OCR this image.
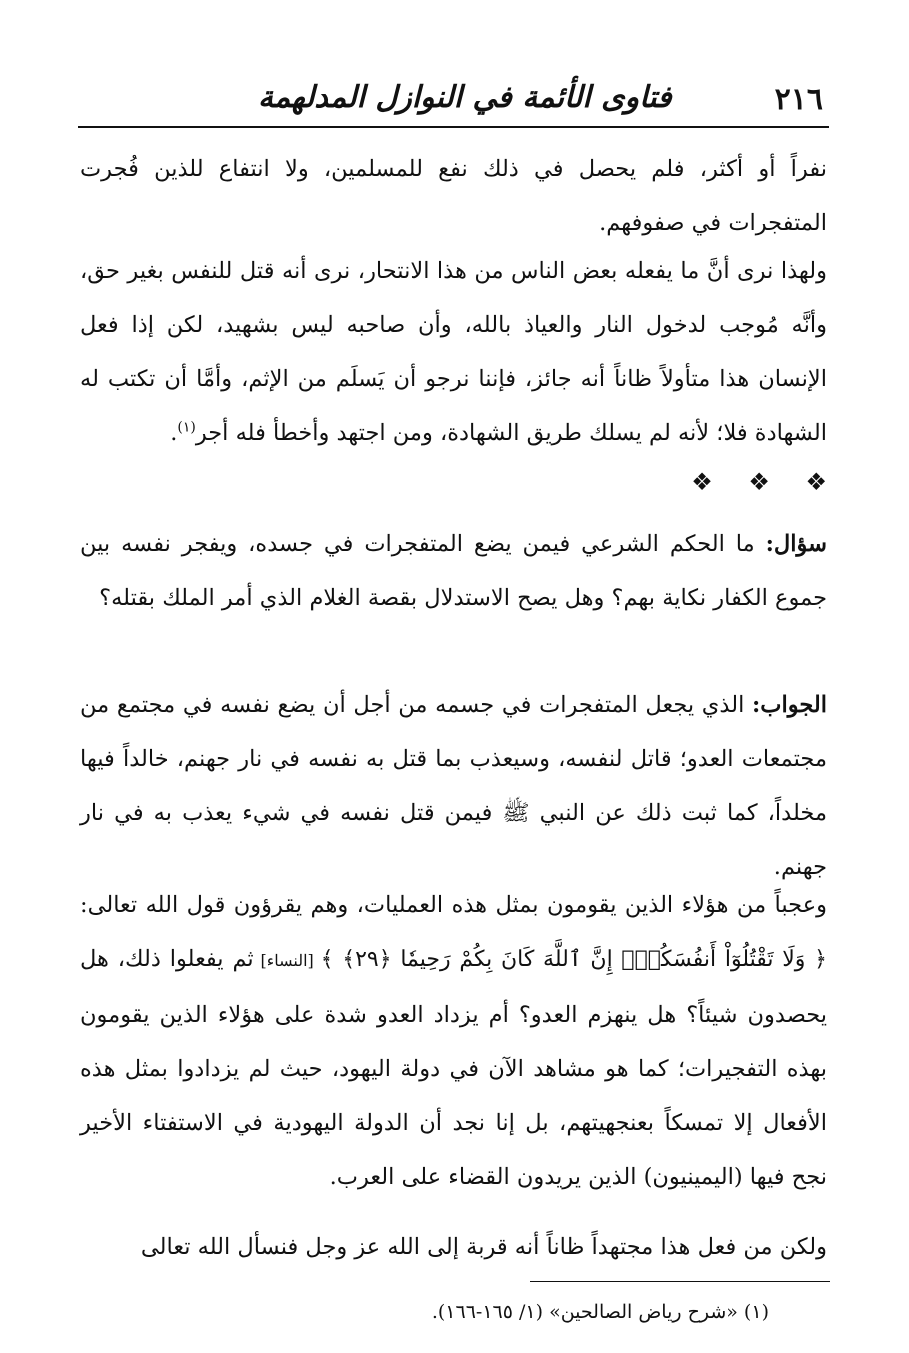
٢١٦
فتاوى الأئمة في النوازل المدلهمة

نفراً أو أكثر، فلم يحصل في ذلك نفع للمسلمين، ولا انتفاع للذين فُجرت المتفجرات في صفوفهم.

ولهذا نرى أنَّ ما يفعله بعض الناس من هذا الانتحار، نرى أنه قتل للنفس بغير حق، وأنَّه مُوجب لدخول النار والعياذ بالله، وأن صاحبه ليس بشهيد، لكن إذا فعل الإنسان هذا متأولاً ظاناً أنه جائز، فإننا نرجو أن يَسلَم من الإثم، وأمَّا أن تكتب له الشهادة فلا؛ لأنه لم يسلك طريق الشهادة، ومن اجتهد وأخطأ فله أجر$^{(١)}$.

❖ ❖ ❖

سؤال: ما الحكم الشرعي فيمن يضع المتفجرات في جسده، ويفجر نفسه بين جموع الكفار نكاية بهم؟ وهل يصح الاستدلال بقصة الغلام الذي أمر الملك بقتله؟

الجواب: الذي يجعل المتفجرات في جسمه من أجل أن يضع نفسه في مجتمع من مجتمعات العدو؛ قاتل لنفسه، وسيعذب بما قتل به نفسه في نار جهنم، خالداً فيها مخلداً، كما ثبت ذلك عن النبي ﷺ فيمن قتل نفسه في شيء يعذب به في نار جهنم.

وعجباً من هؤلاء الذين يقومون بمثل هذه العمليات، وهم يقرؤون قول الله تعالى: ﴿ وَلَا تَقْتُلُوٓاْ أَنفُسَكُمْۚ إِنَّ ٱللَّهَ كَانَ بِكُمْ رَحِيمٗا ﴿٢٩﴾ ﴾ [النساء] ثم يفعلوا ذلك، هل يحصدون شيئاً؟ هل ينهزم العدو؟ أم يزداد العدو شدة على هؤلاء الذين يقومون بهذه التفجيرات؛ كما هو مشاهد الآن في دولة اليهود، حيث لم يزدادوا بمثل هذه الأفعال إلا تمسكاً بعنجهيتهم، بل إنا نجد أن الدولة اليهودية في الاستفتاء الأخير نجح فيها (اليمينيون) الذين يريدون القضاء على العرب.

ولكن من فعل هذا مجتهداً ظاناً أنه قربة إلى الله عز وجل فنسأل الله تعالى

(١) «شرح رياض الصالحين» (١/ ١٦٥-١٦٦).
